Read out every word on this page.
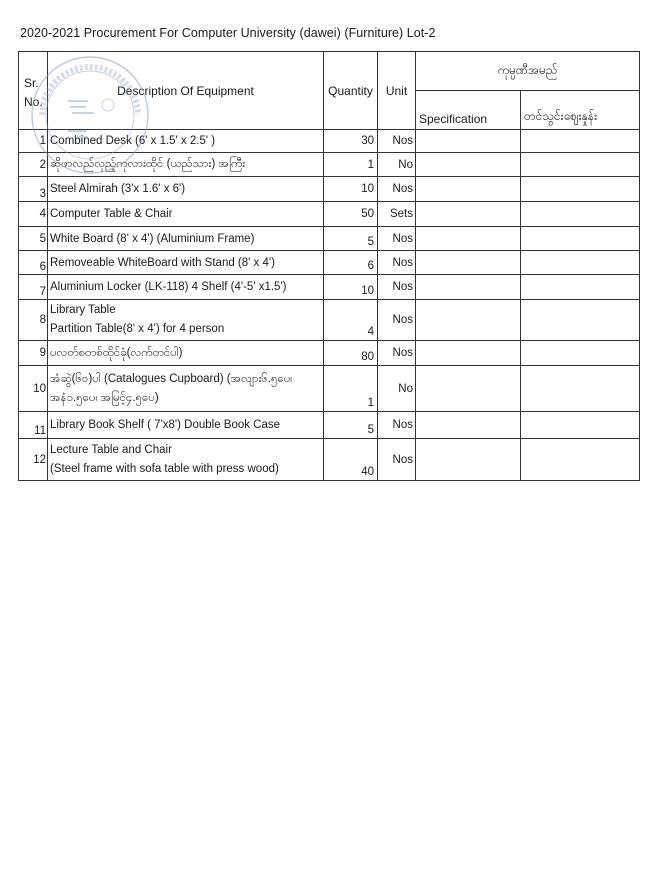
2020-2021 Procurement For Computer University (dawei) (Furniture) Lot-2
Sr.
No.	Description Of Equipment	Quantity	Unit	ကုမ္ပဏီအမည်	
				Specification	တင်သွင်းဈေးနှုန်း
1	Combined Desk (6' x 1.5' x 2.5' )	30	Nos		
2	ဆိုဖာလည်လှည့်ကုလားထိုင် (ယည်သား) အကြီး	1	No		
3	Steel Almirah (3'x 1.6' x 6')	10	Nos		
4	Computer Table & Chair	50	Sets		
5	White Board (8' x 4') (Aluminium Frame)	5	Nos		
6	Removeable WhiteBoard with Stand (8' x 4')	6	Nos		
7	Aluminium Locker (LK-118) 4 Shelf (4'-5' x1.5')	10	Nos		
8	Library Table
Partition Table(8' x 4') for 4 person	4	Nos		
9	ပလတ်စတစ်ထိုင်ခုံ(လက်တင်ပါ)	80	Nos		
10	အံဆွဲ(၆၀)ပါ (Catalogues Cupboard) (အလျား၆.၅ပေ၊
အနံ၁.၅ပေ၊ အမြင့်၄.၅ပေ)	1	No		
11	Library Book Shelf ( 7'x8') Double Book Case	5	Nos		
12	Lecture Table and Chair
(Steel frame with sofa table with press wood)	40	Nos		
